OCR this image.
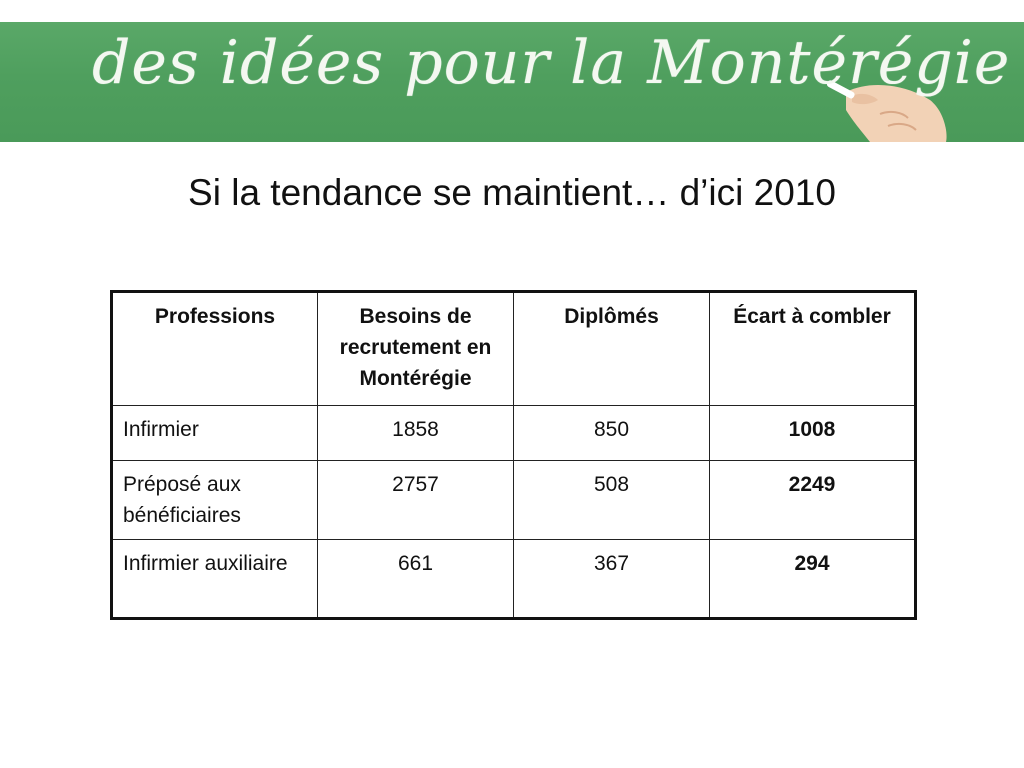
des idées pour la Montérégie
Si la tendance se maintient… d’ici 2010
Professions	Besoins de recrutement en Montérégie	Diplômés	Écart à combler
Infirmier	1858	850	1008
Préposé aux bénéficiaires	2757	508	2249
Infirmier auxiliaire	661	367	294
